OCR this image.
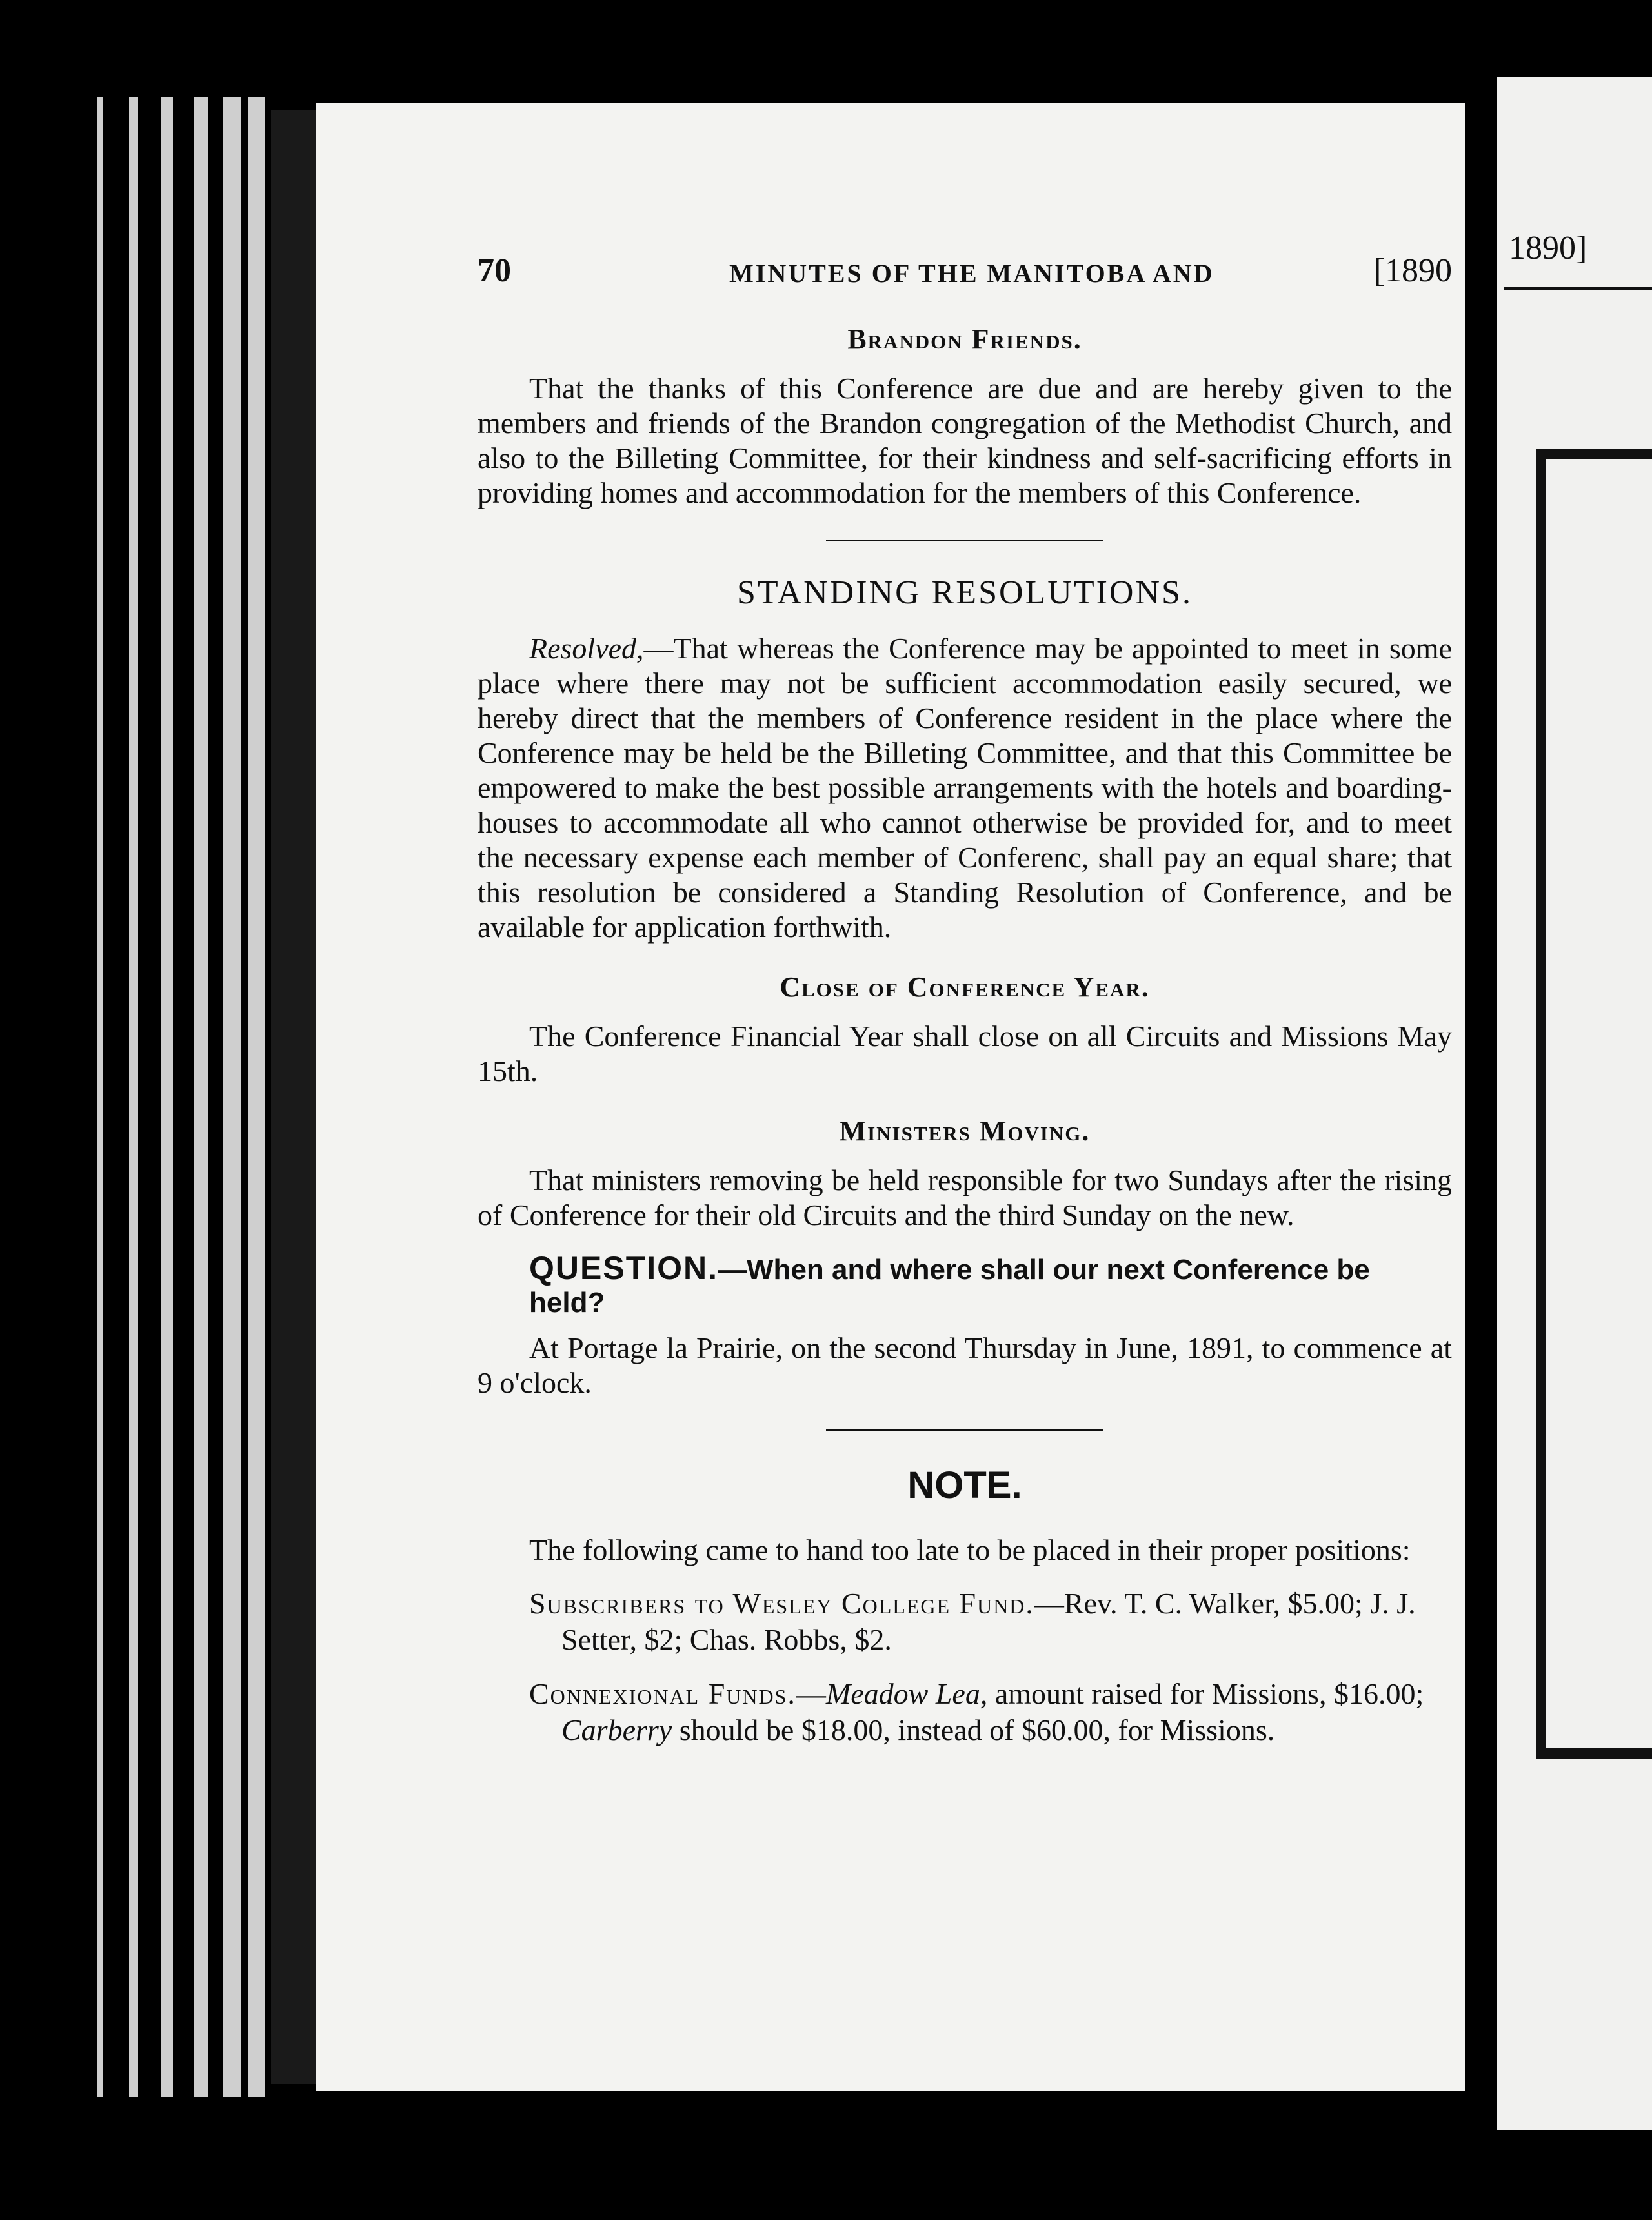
70	MINUTES OF THE MANITOBA AND	[1890
Brandon Friends.

That the thanks of this Conference are due and are hereby given to the members and friends of the Brandon congregation of the Methodist Church, and also to the Billeting Committee, for their kindness and self-sacrificing efforts in providing homes and accommodation for the members of this Conference.

STANDING RESOLUTIONS.

Resolved,—That whereas the Conference may be appointed to meet in some place where there may not be sufficient accommodation easily secured, we hereby direct that the members of Conference resident in the place where the Conference may be held be the Billeting Committee, and that this Committee be empowered to make the best possible arrangements with the hotels and boarding-houses to accommodate all who cannot otherwise be provided for, and to meet the necessary expense each member of Conferenc, shall pay an equal share; that this resolution be considered a Standing Resolution of Conference, and be available for application forthwith.

Close of Conference Year.

The Conference Financial Year shall close on all Circuits and Missions May 15th.

Ministers Moving.

That ministers removing be held responsible for two Sundays after the rising of Conference for their old Circuits and the third Sunday on the new.

QUESTION.—When and where shall our next Conference be held?

At Portage la Prairie, on the second Thursday in June, 1891, to commence at 9 o'clock.

NOTE.

The following came to hand too late to be placed in their proper positions:

Subscribers to Wesley College Fund.—Rev. T. C. Walker, $5.00; J. J. Setter, $2; Chas. Robbs, $2.

Connexional Funds.—Meadow Lea, amount raised for Missions, $16.00; Carberry should be $18.00, instead of $60.00, for Missions.

1890]
